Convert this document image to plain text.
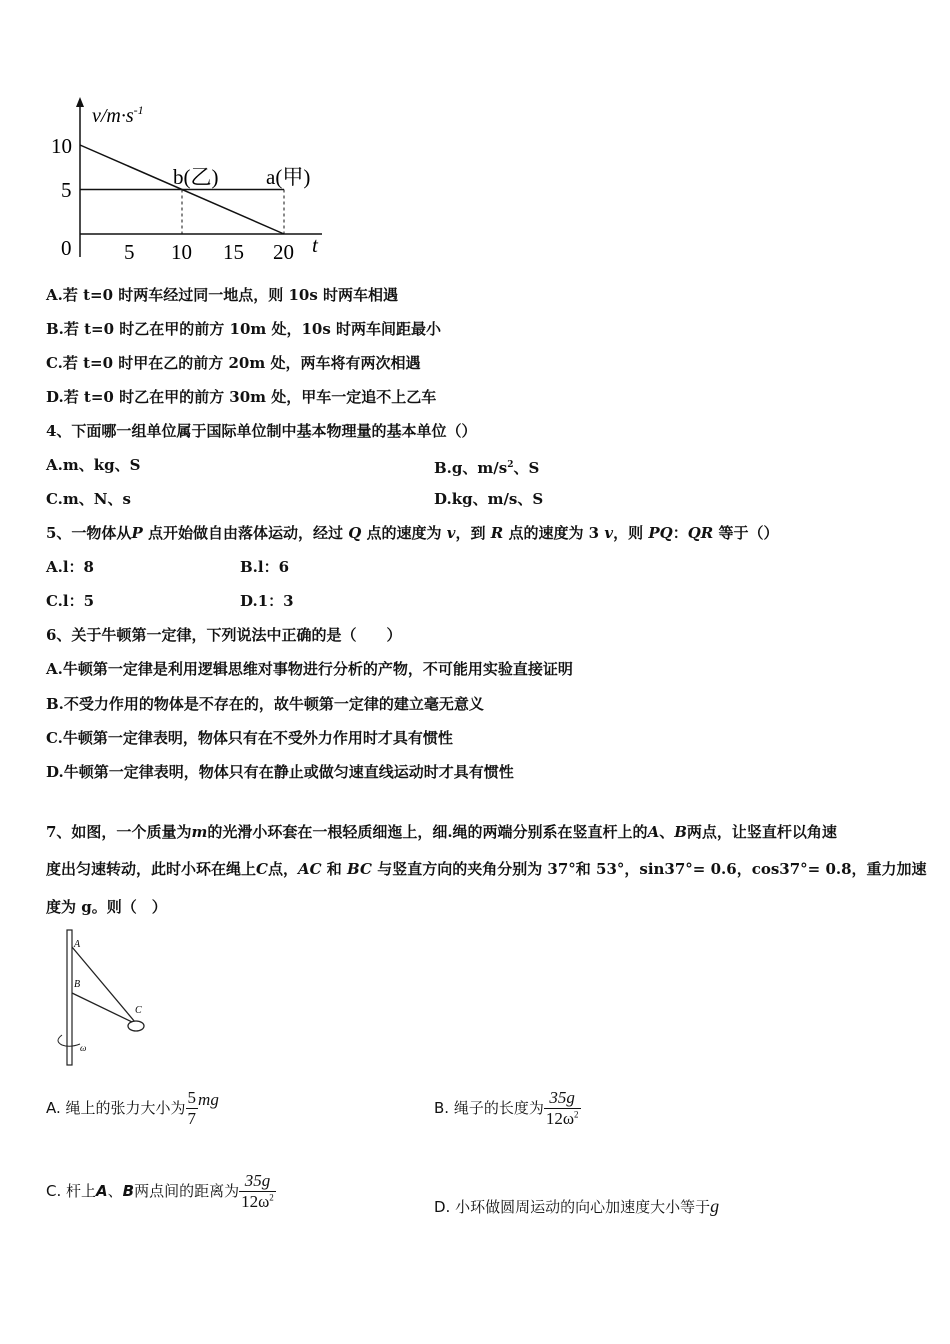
$v/m\cdot s^{-1}$
10
5
0	5 10 15 20 t
b(乙) a(甲)
A.若 t=0 时两车经过同一地点，则 10s 时两车相遇
B.若 t=0 时乙在甲的前方 10m 处，10s 时两车间距最小
C.若 t=0 时甲在乙的前方 20m 处，两车将有两次相遇
D.若 t=0 时乙在甲的前方 30m 处，甲车一定追不上乙车
4、下面哪一组单位属于国际单位制中基本物理量的基本单位（）
A.m、kg、S	B.g、$m/s^2$、S
C.m、N、s	D.kg、m/s、S
5、一物体从P 点开始做自由落体运动，经过 Q 点的速度为 v，到 R 点的速度为 3 v，则 PQ：QR 等于（）
A.l：8	B.l：6
C.l：5	D.1：3
6、关于牛顿第一定律，下列说法中正确的是（　　）
A.牛顿第一定律是利用逻辑思维对事物进行分析的产物，不可能用实验直接证明
B.不受力作用的物体是不存在的，故牛顿第一定律的建立毫无意义
C.牛顿第一定律表明，物体只有在不受外力作用时才具有惯性
D.牛顿第一定律表明，物体只有在静止或做匀速直线运动时才具有惯性
7、如图，一个质量为m的光滑小环套在一根轻质细迤上，细.绳的两端分别系在竖直杆上的A、B两点，让竖直杆以角速
度出匀速转动，此时小环在绳上C点，AC 和 BC 与竖直方向的夹角分别为 37°和 53°，sin37°= 0.6，cos37°= 0.8，重力加速
度为 g。则（　）
A
B
C
ω
A. 绳上的张力大小为 $\frac{5}{7}$ mg	B. 绳子的长度为 $\frac{35g}{12\omega^2}$
C. 杆上A、B两点间的距离为 $\frac{35g}{12\omega^2}$	D. 小环做圆周运动的向心加速度大小等于g
